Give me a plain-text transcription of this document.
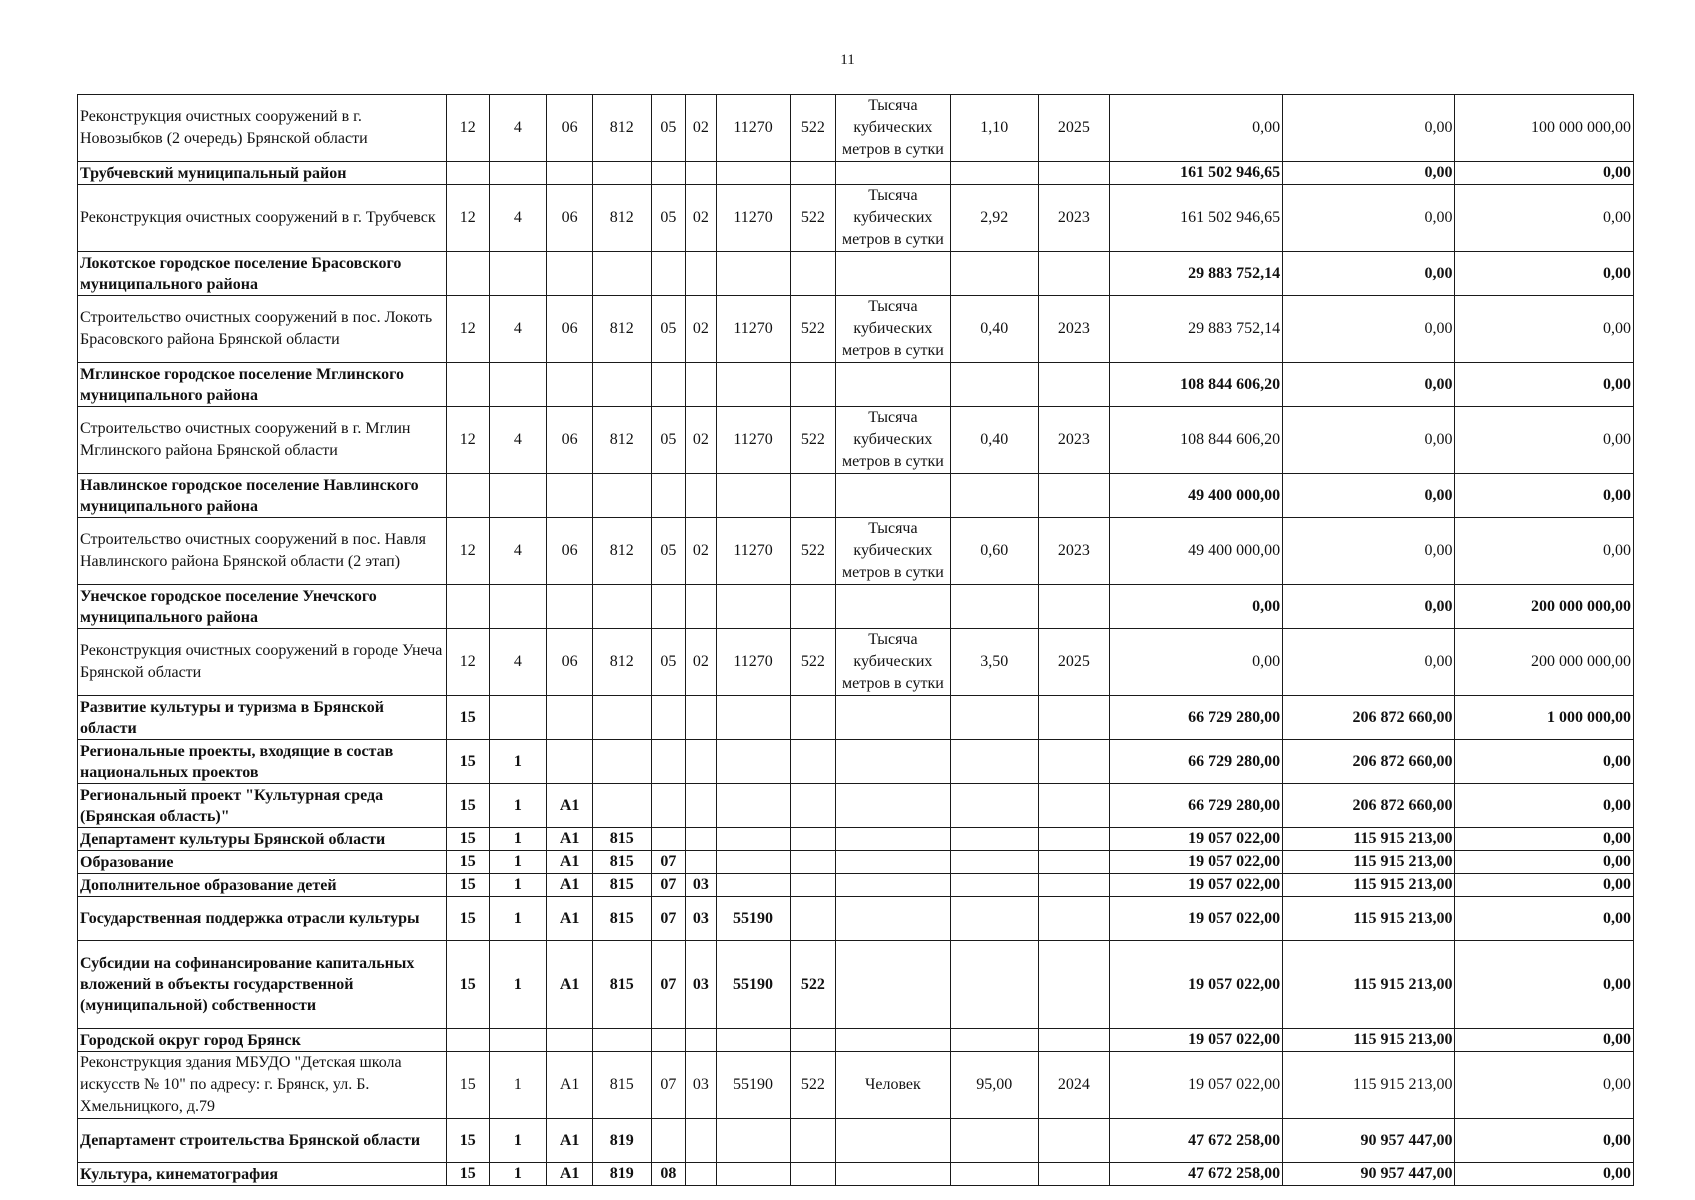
11
Реконструкция очистных сооружений в г. Новозыбков (2 очередь) Брянской области	12	4	06	812	05	02	11270	522	Тысяча кубических метров в сутки	1,10	2025	0,00	0,00	100 000 000,00
Трубчевский муниципальный район												161 502 946,65	0,00	0,00
Реконструкция очистных сооружений в г. Трубчевск	12	4	06	812	05	02	11270	522	Тысяча кубических метров в сутки	2,92	2023	161 502 946,65	0,00	0,00
Локотское городское поселение Брасовского муниципального района												29 883 752,14	0,00	0,00
Строительство очистных сооружений в пос. Локоть Брасовского района Брянской области	12	4	06	812	05	02	11270	522	Тысяча кубических метров в сутки	0,40	2023	29 883 752,14	0,00	0,00
Мглинское городское поселение Мглинского муниципального района												108 844 606,20	0,00	0,00
Строительство очистных сооружений в г. Мглин Мглинского района Брянской области	12	4	06	812	05	02	11270	522	Тысяча кубических метров в сутки	0,40	2023	108 844 606,20	0,00	0,00
Навлинское городское поселение Навлинского муниципального района												49 400 000,00	0,00	0,00
Строительство очистных сооружений в пос. Навля Навлинского района Брянской области (2 этап)	12	4	06	812	05	02	11270	522	Тысяча кубических метров в сутки	0,60	2023	49 400 000,00	0,00	0,00
Унечское городское поселение Унечского муниципального района												0,00	0,00	200 000 000,00
Реконструкция очистных сооружений в городе Унеча Брянской области	12	4	06	812	05	02	11270	522	Тысяча кубических метров в сутки	3,50	2025	0,00	0,00	200 000 000,00
Развитие культуры и туризма в Брянской области	15											66 729 280,00	206 872 660,00	1 000 000,00
Региональные проекты, входящие в состав национальных проектов	15	1										66 729 280,00	206 872 660,00	0,00
Региональный проект "Культурная среда (Брянская область)"	15	1	А1									66 729 280,00	206 872 660,00	0,00
Департамент культуры Брянской области	15	1	А1	815								19 057 022,00	115 915 213,00	0,00
Образование	15	1	А1	815	07							19 057 022,00	115 915 213,00	0,00
Дополнительное образование детей	15	1	А1	815	07	03						19 057 022,00	115 915 213,00	0,00
Государственная поддержка отрасли культуры	15	1	А1	815	07	03	55190					19 057 022,00	115 915 213,00	0,00
Субсидии на софинансирование капитальных вложений в объекты государственной (муниципальной) собственности	15	1	А1	815	07	03	55190	522				19 057 022,00	115 915 213,00	0,00
Городской округ город Брянск												19 057 022,00	115 915 213,00	0,00
Реконструкция здания МБУДО "Детская школа искусств № 10" по адресу: г. Брянск, ул. Б. Хмельницкого, д.79	15	1	А1	815	07	03	55190	522	Человек	95,00	2024	19 057 022,00	115 915 213,00	0,00
Департамент строительства Брянской области	15	1	А1	819								47 672 258,00	90 957 447,00	0,00
Культура, кинематография	15	1	А1	819	08							47 672 258,00	90 957 447,00	0,00
